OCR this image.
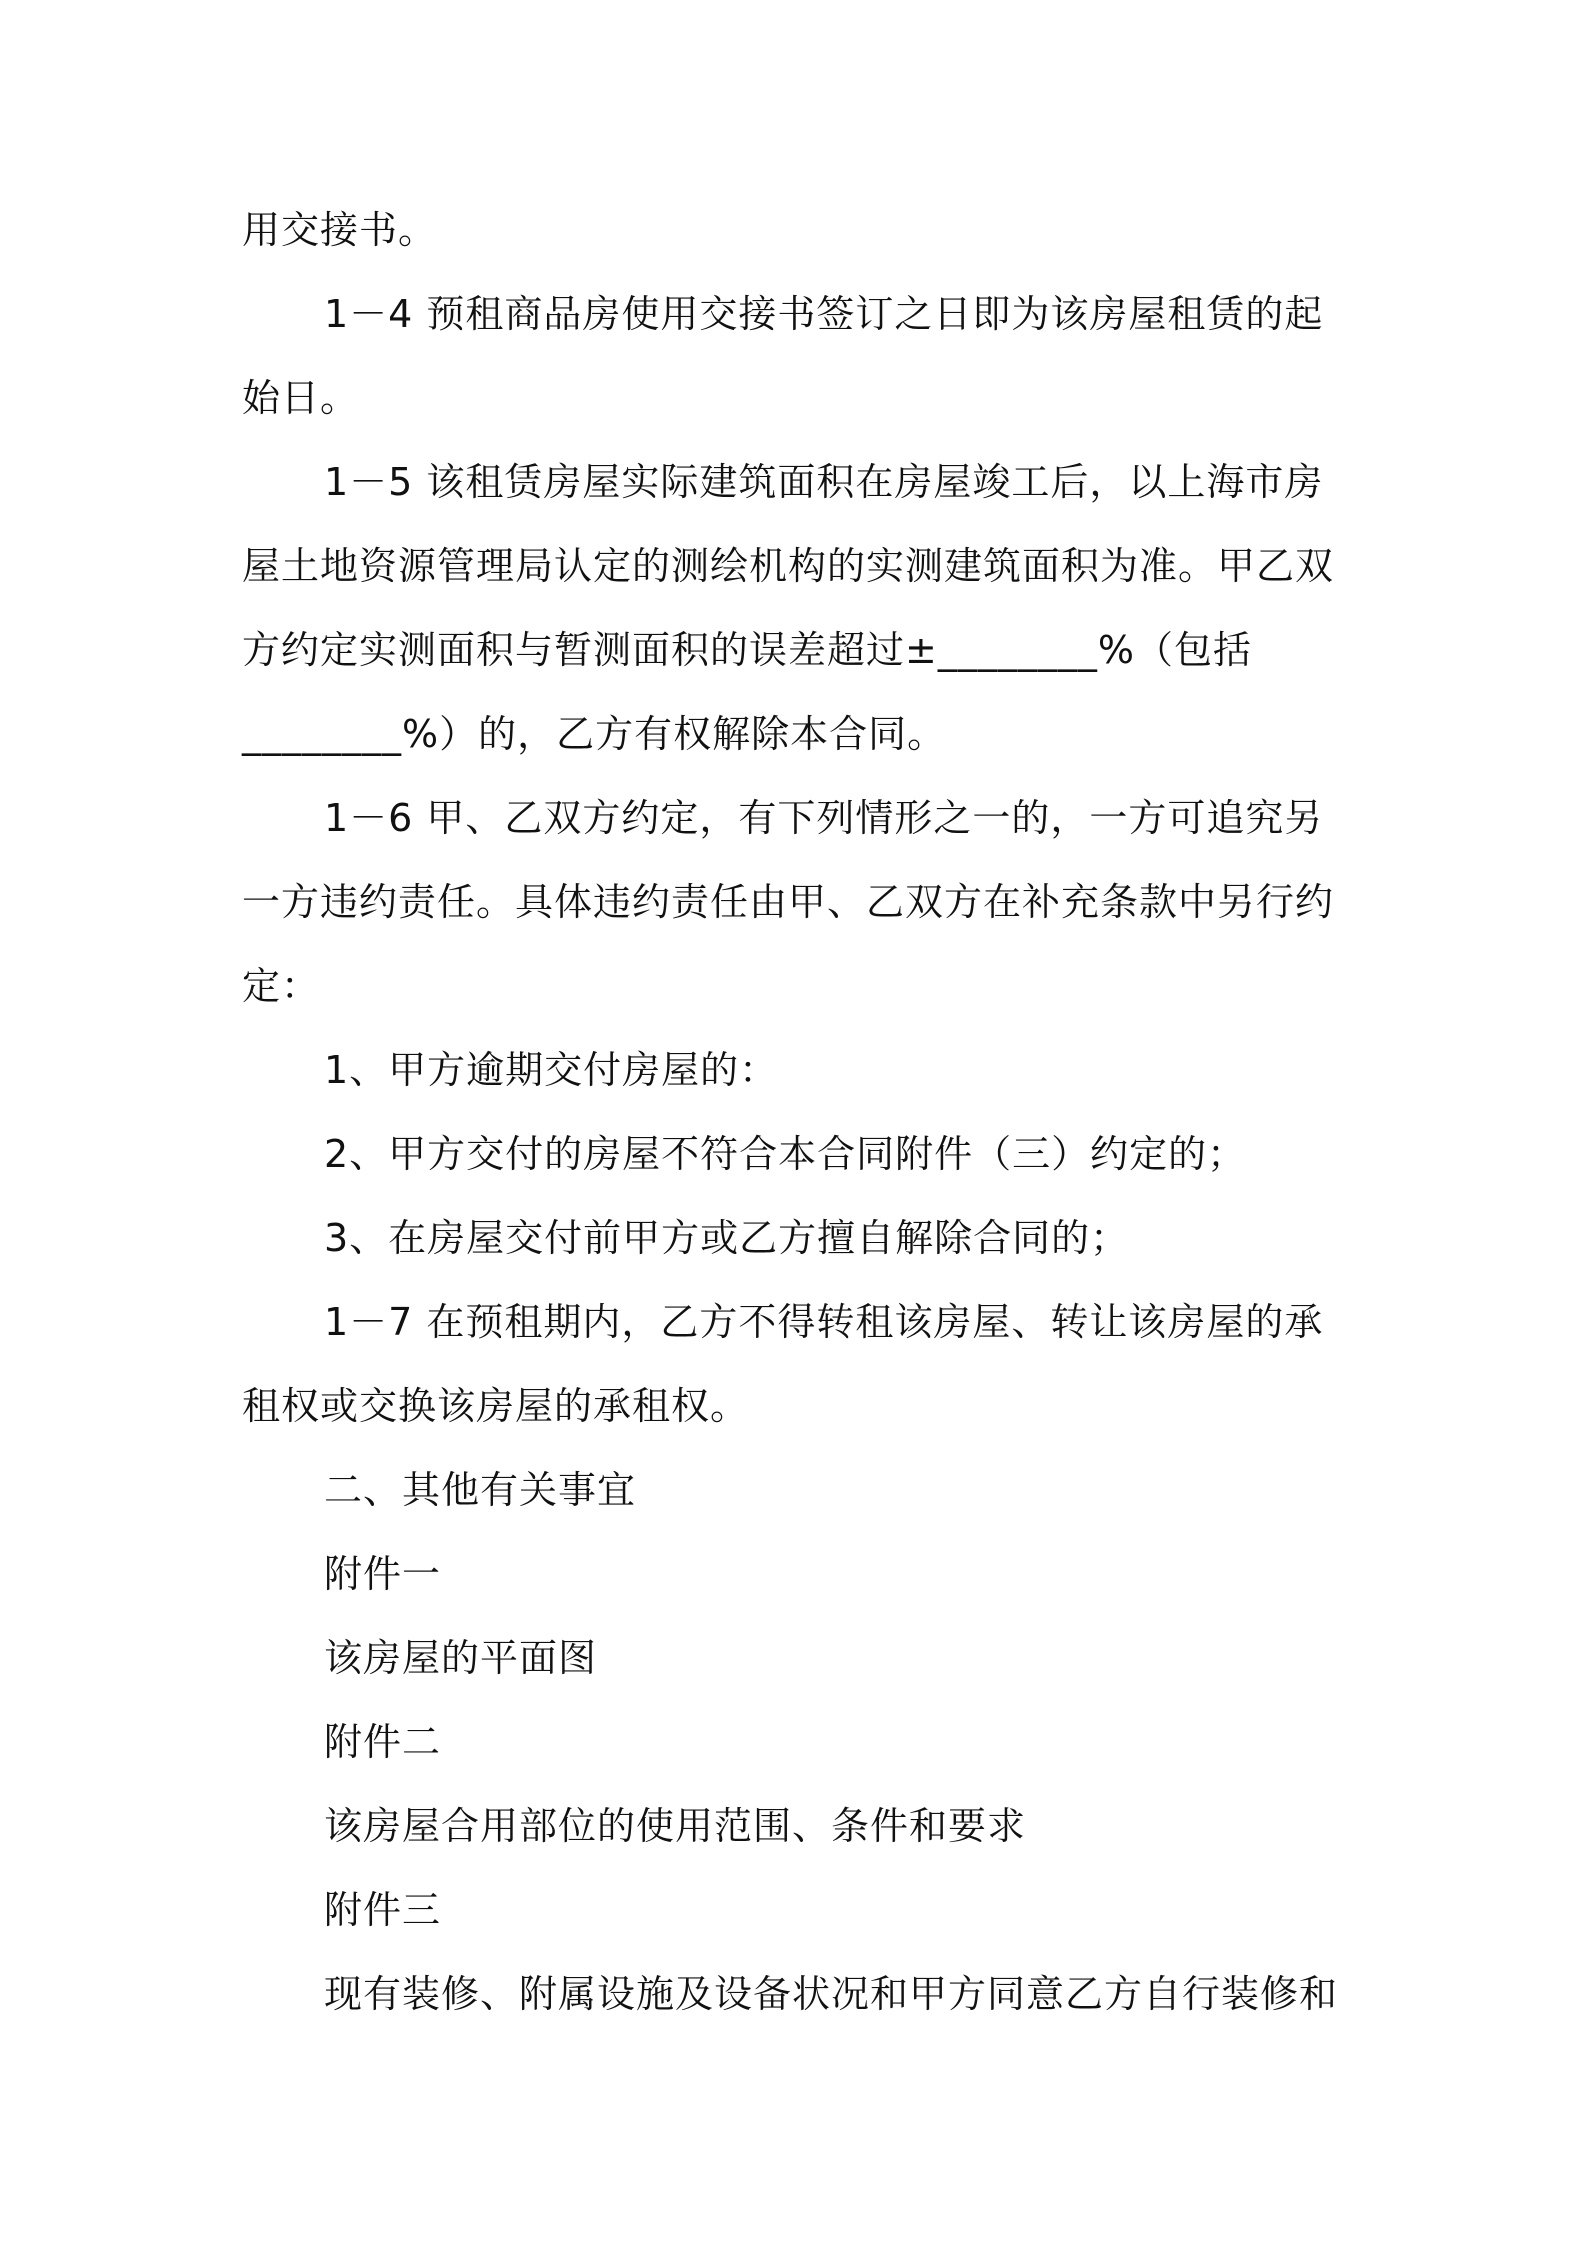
用交接书。
1－4 预租商品房使用交接书签订之日即为该房屋租赁的起
始日。
1－5 该租赁房屋实际建筑面积在房屋竣工后，以上海市房
屋土地资源管理局认定的测绘机构的实测建筑面积为准。甲乙双
方约定实测面积与暂测面积的误差超过±________%（包括
________%）的，乙方有权解除本合同。
1－6 甲、乙双方约定，有下列情形之一的，一方可追究另
一方违约责任。具体违约责任由甲、乙双方在补充条款中另行约
定：
1、甲方逾期交付房屋的：
2、甲方交付的房屋不符合本合同附件（三）约定的；
3、在房屋交付前甲方或乙方擅自解除合同的；
1－7 在预租期内，乙方不得转租该房屋、转让该房屋的承
租权或交换该房屋的承租权。
二、其他有关事宜
附件一
该房屋的平面图
附件二
该房屋合用部位的使用范围、条件和要求
附件三
现有装修、附属设施及设备状况和甲方同意乙方自行装修和
